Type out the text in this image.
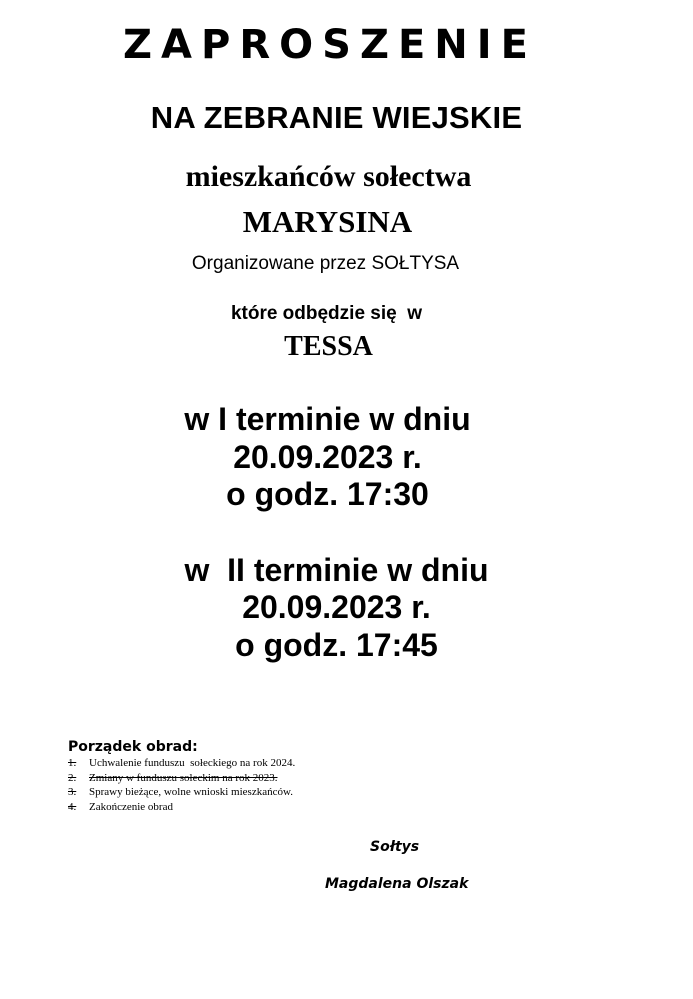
ZAPROSZENIE
NA ZEBRANIE WIEJSKIE
mieszkańców sołectwa
MARYSINA
Organizowane przez SOŁTYSA
które odbędzie się  w
TESSA
w I terminie w dniu
20.09.2023 r.
o godz. 17:30
w  II terminie w dniu
20.09.2023 r.
o godz. 17:45
Porządek obrad:
1. Uchwalenie funduszu  sołeckiego na rok 2024.
2. Zmiany w funduszu sołeckim na rok 2023.
3. Sprawy bieżące, wolne wnioski mieszkańców.
4. Zakończenie obrad
Sołtys
Magdalena Olszak
